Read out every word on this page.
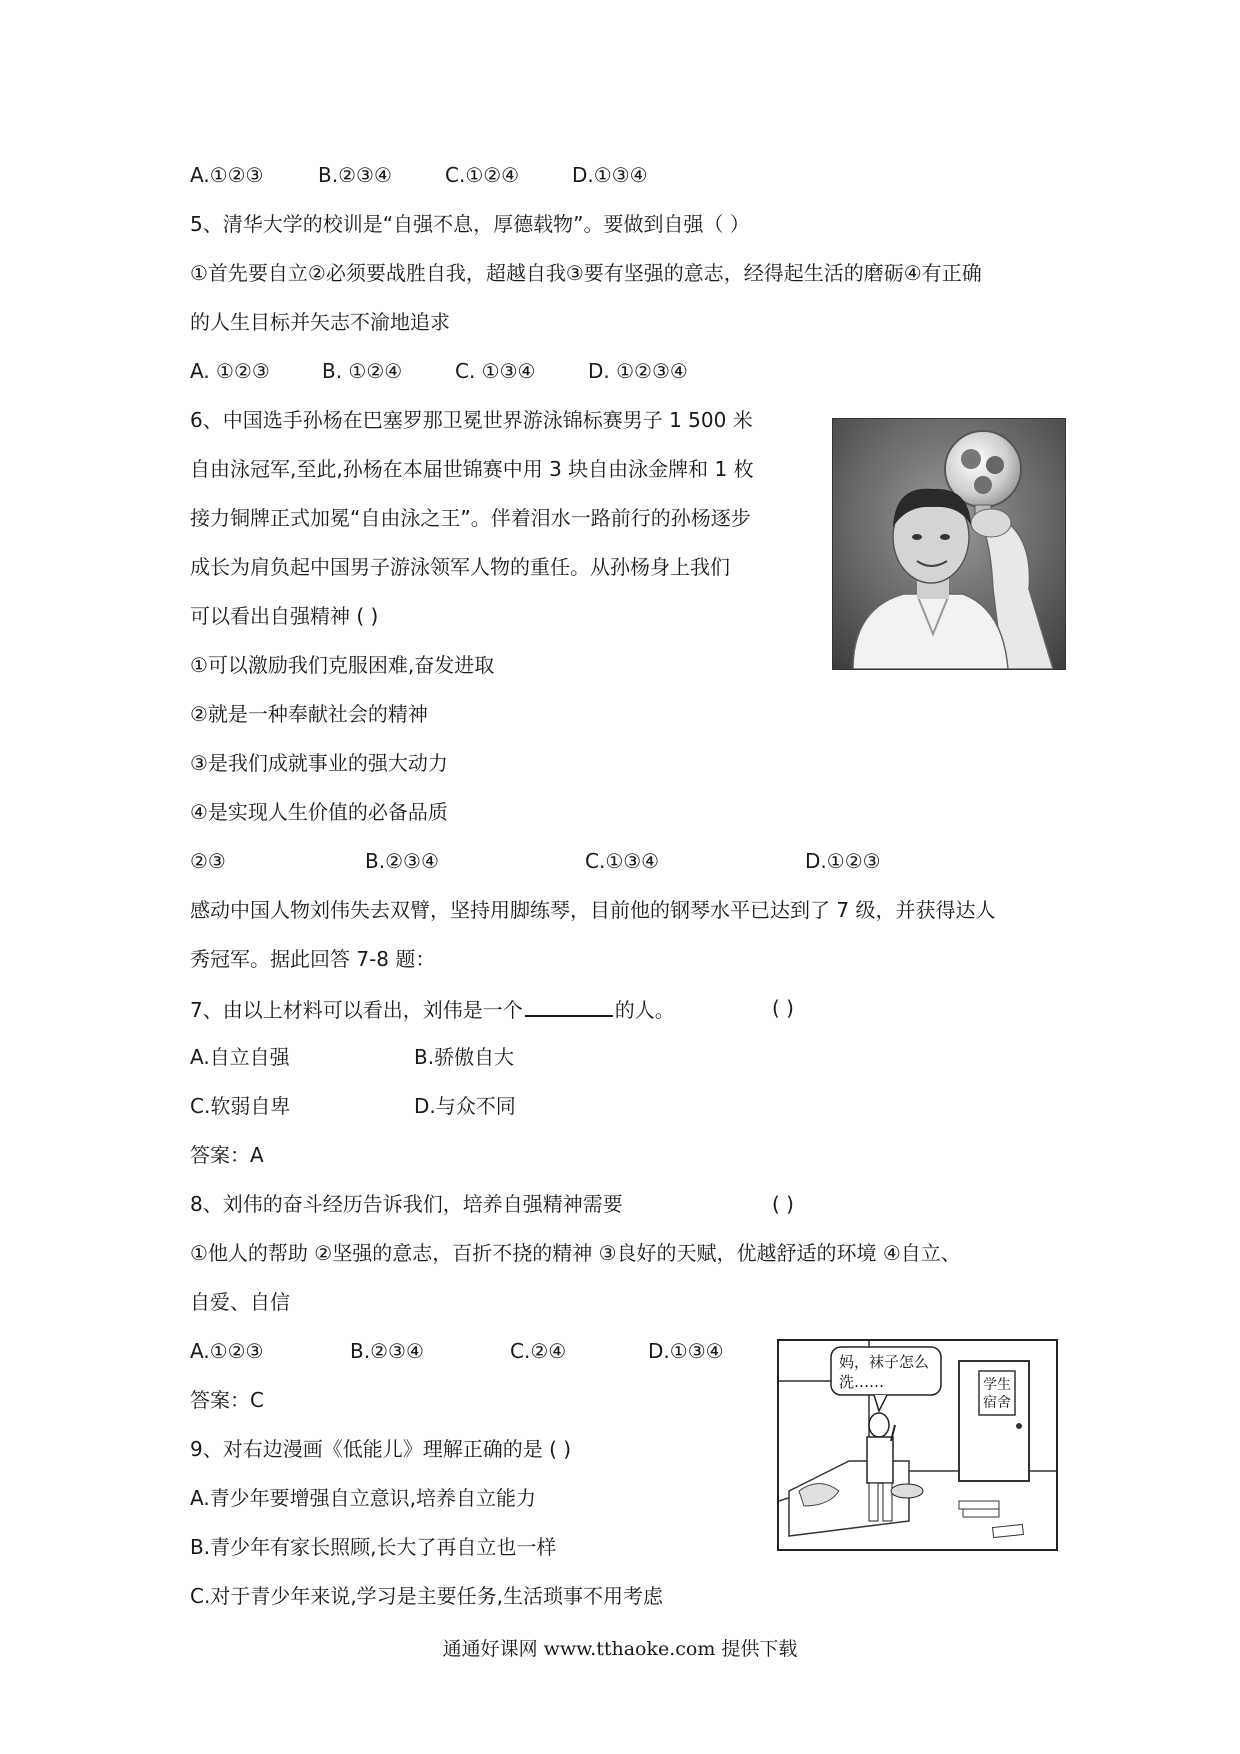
A.①②③	B.②③④	C.①②④	D.①③④
5、清华大学的校训是“自强不息，厚德载物”。要做到自强（ ）
①首先要自立②必须要战胜自我，超越自我③要有坚强的意志，经得起生活的磨砺④有正确
的人生目标并矢志不渝地追求
A. ①②③	B. ①②④	C. ①③④	D. ①②③④
6、中国选手孙杨在巴塞罗那卫冕世界游泳锦标赛男子 1 500 米
自由泳冠军,至此,孙杨在本届世锦赛中用 3 块自由泳金牌和 1 枚
接力铜牌正式加冕“自由泳之王”。伴着泪水一路前行的孙杨逐步
成长为肩负起中国男子游泳领军人物的重任。从孙杨身上我们
可以看出自强精神 ( )
①可以激励我们克服困难,奋发进取
②就是一种奉献社会的精神
③是我们成就事业的强大动力
④是实现人生价值的必备品质
②③	B.②③④	C.①③④	D.①②③
感动中国人物刘伟失去双臂，坚持用脚练琴，目前他的钢琴水平已达到了 7 级，并获得达人
秀冠军。据此回答 7-8 题：
7、由以上材料可以看出，刘伟是一个	的人。	( )
A.自立自强	B.骄傲自大
C.软弱自卑	D.与众不同
答案：A
8、刘伟的奋斗经历告诉我们，培养自强精神需要	( )
①他人的帮助 ②坚强的意志，百折不挠的精神 ③良好的天赋，优越舒适的环境 ④自立、
自爱、自信
A.①②③	B.②③④	C.②④	D.①③④
答案：C
学生
宿舍
妈，袜子怎么
洗……
9、对右边漫画《低能儿》理解正确的是 ( )
A.青少年要增强自立意识,培养自立能力
B.青少年有家长照顾,长大了再自立也一样
C.对于青少年来说,学习是主要任务,生活琐事不用考虑
通通好课网 www.tthaoke.com 提供下载
